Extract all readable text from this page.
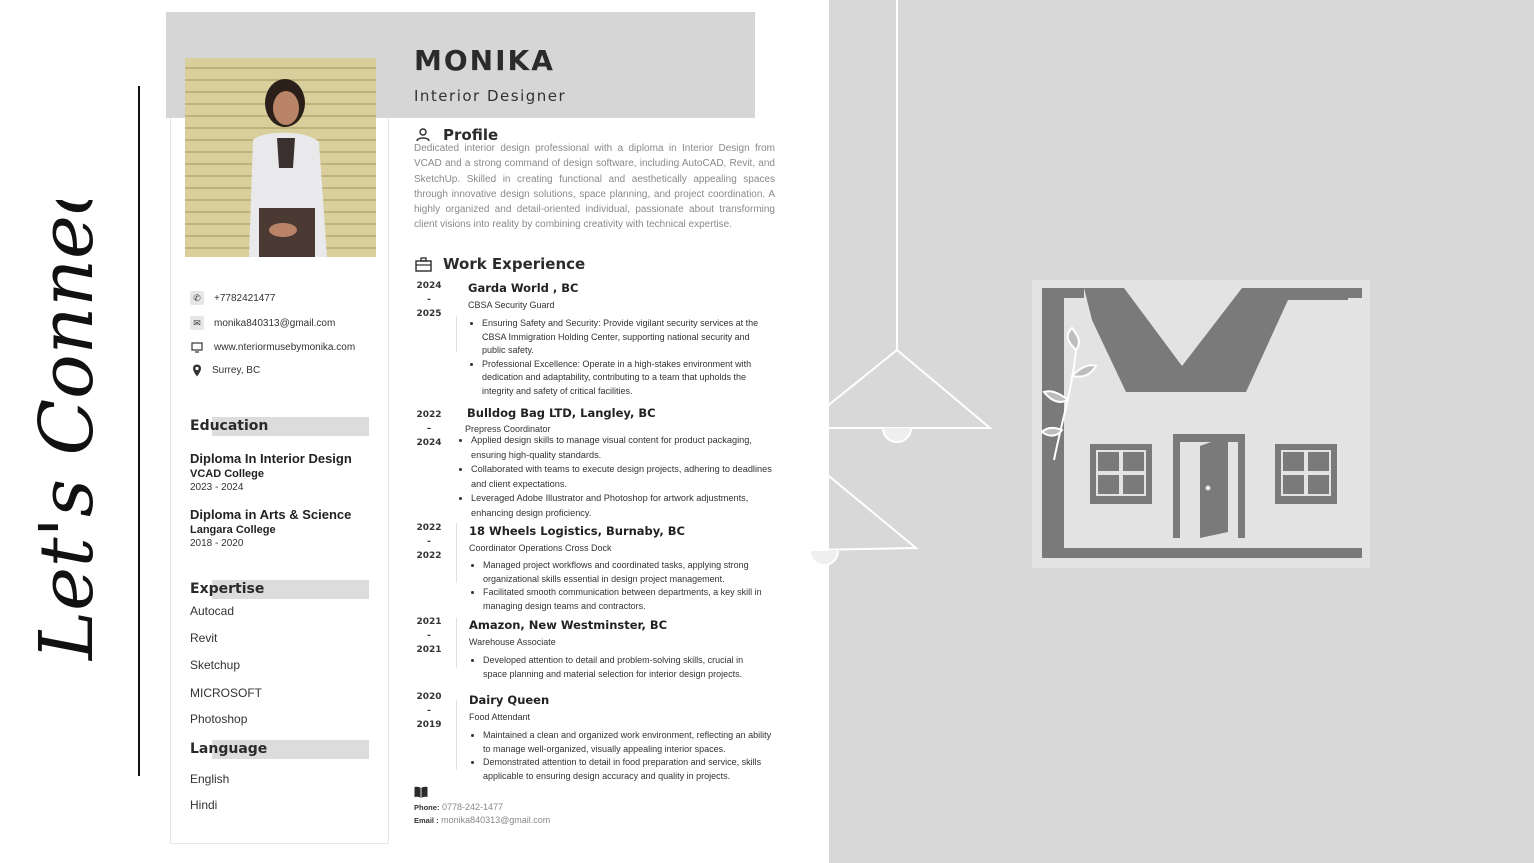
Let's Connect
MONIKA
Interior Designer
✆	+7782421477
✉	monika840313@gmail.com
www.nteriormusebymonika.com
Surrey, BC
Education
Diploma In Interior Design
VCAD College
2023 - 2024
Diploma in Arts & Science
Langara College
2018 - 2020
Expertise
Autocad
Revit
Sketchup
MICROSOFT
Photoshop
Language
English
Hindi
Profile
Dedicated interior design professional with a diploma in Interior Design from VCAD and a strong command of design software, including AutoCAD, Revit, and SketchUp. Skilled in creating functional and aesthetically appealing spaces through innovative design solutions, space planning, and project coordination. A highly organized and detail-oriented individual, passionate about transforming client visions into reality by combining creativity with technical expertise.
Work Experience
2024
-
2025
Garda World , BC
CBSA Security Guard
• Ensuring Safety and Security: Provide vigilant security services at the CBSA Immigration Holding Center, supporting national security and public safety.
• Professional Excellence: Operate in a high-stakes environment with dedication and adaptability, contributing to a team that upholds the integrity and safety of critical facilities.
2022
–
2024
Bulldog Bag LTD, Langley, BC
Prepress Coordinator
• Applied design skills to manage visual content for product packaging, ensuring high-quality standards.
• Collaborated with teams to execute design projects, adhering to deadlines and client expectations.
• Leveraged Adobe Illustrator and Photoshop for artwork adjustments, enhancing design proficiency.
2022
-
2022
18 Wheels Logistics, Burnaby, BC
Coordinator Operations Cross Dock
• Managed project workflows and coordinated tasks, applying strong organizational skills essential in design project management.
• Facilitated smooth communication between departments, a key skill in managing design teams and contractors.
2021
-
2021
Amazon, New Westminster, BC
Warehouse Associate
• Developed attention to detail and problem-solving skills, crucial in space planning and material selection for interior design projects.
2020
-
2019
Dairy Queen
Food Attendant
• Maintained a clean and organized work environment, reflecting an ability to manage well-organized, visually appealing interior spaces.
• Demonstrated attention to detail in food preparation and service, skills applicable to ensuring design accuracy and quality in projects.
Phone: 0778-242-1477
Email : monika840313@gmail.com
